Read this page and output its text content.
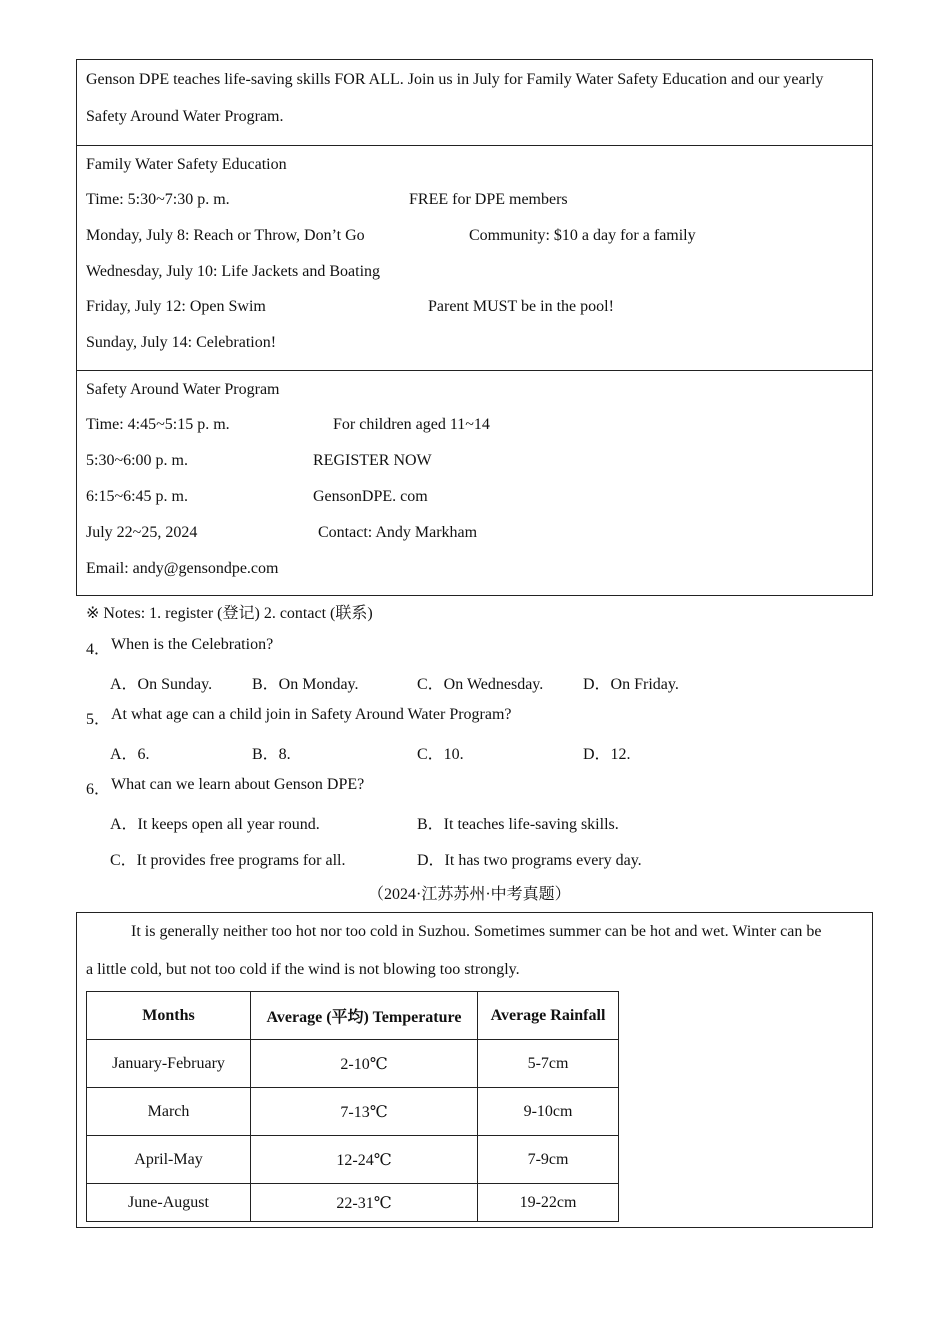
Genson DPE teaches life-saving skills FOR ALL. Join us in July for Family Water Safety Education and our yearly
Safety Around Water Program.
Family Water Safety Education
Time: 5:30~7:30 p. m.	FREE for DPE members
Monday, July 8: Reach or Throw, Don’t Go	Community: $10 a day for a family
Wednesday, July 10: Life Jackets and Boating
Friday, July 12: Open Swim	Parent MUST be in the pool!
Sunday, July 14: Celebration!
Safety Around Water Program
Time: 4:45~5:15 p. m.	For children aged 11~14
5:30~6:00 p. m.	REGISTER NOW
6:15~6:45 p. m.	GensonDPE. com
July 22~25, 2024	Contact: Andy Markham
Email: andy@gensondpe.com
※ Notes: 1. register (登记) 2. contact (联系)
4． When is the Celebration?
A．On Sunday. B．On Monday.	C．On Wednesday. D．On Friday.
5． At what age can a child join in Safety Around Water Program?
A．6.	B．8.	C．10.	D．12.
6． What can we learn about Genson DPE?
A．It keeps open all year round.	B．It teaches life-saving skills.
C．It provides free programs for all.	D．It has two programs every day.
（2024·江苏苏州·中考真题）
It is generally neither too hot nor too cold in Suzhou. Sometimes summer can be hot and wet. Winter can be
a little cold, but not too cold if the wind is not blowing too strongly.
Months	Average (平均) Temperature	Average Rainfall
January-February	2-10℃	5-7cm
March	7-13℃	9-10cm
April-May	12-24℃	7-9cm
June-August	22-31℃	19-22cm
